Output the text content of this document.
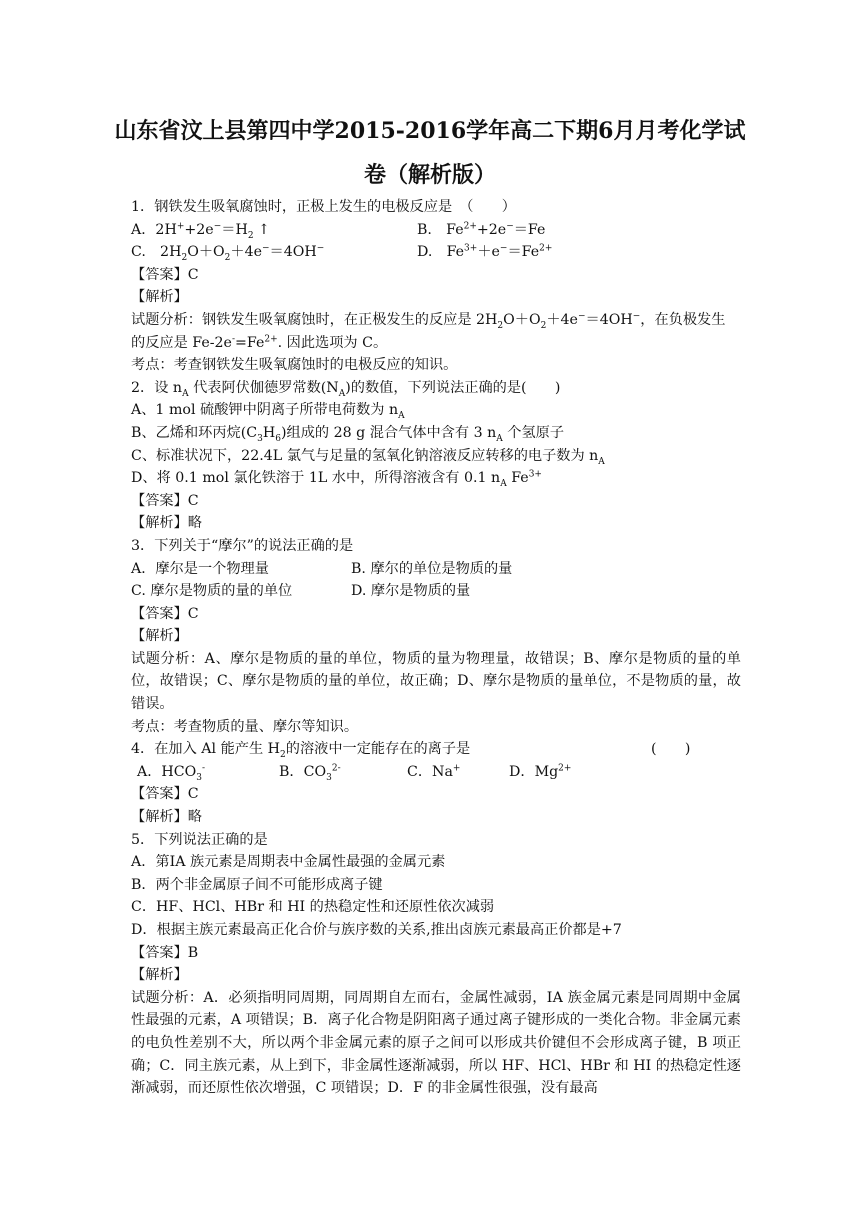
山东省汶上县第四中学2015-2016学年高二下期6月月考化学试
卷（解析版）
1．钢铁发生吸氧腐蚀时，正极上发生的电极反应是　（　　）
A．$2H^++2e^-=H_2$ ↑	B.　$Fe^{2+}+2e^-=Fe$
C.　$2H_2O+O_2+4e^-=4OH^-$	D.　$Fe^{3+}+e^-=Fe^{2+}$
【答案】C
【解析】
试题分析：钢铁发生吸氧腐蚀时，在正极发生的反应是 $2H_2O+O_2+4e^-=4OH^-$，在负极发生
的反应是 $Fe-2e^-=Fe^{2+}$. 因此选项为 C。
考点：考查钢铁发生吸氧腐蚀时的电极反应的知识。
2．设 $n_A$ 代表阿伏伽德罗常数$(N_A)$的数值，下列说法正确的是(　　)
A、1 mol 硫酸钾中阴离子所带电荷数为 $n_A$
B、乙烯和环丙烷$(C_3H_6)$组成的 28 g 混合气体中含有 3 $n_A$ 个氢原子
C、标准状况下，22.4L 氯气与足量的氢氧化钠溶液反应转移的电子数为 $n_A$
D、将 0.1 mol 氯化铁溶于 1L 水中，所得溶液含有 0.1 $n_A$ $Fe^{3+}$
【答案】C
【解析】略
3．下列关于“摩尔”的说法正确的是
A．摩尔是一个物理量	B. 摩尔的单位是物质的量
C. 摩尔是物质的量的单位	D. 摩尔是物质的量
【答案】C
【解析】
试题分析：A、摩尔是物质的量的单位，物质的量为物理量，故错误；B、摩尔是物质的量的单位，故错误；C、摩尔是物质的量的单位，故正确；D、摩尔是物质的量单位，不是物质的量，故错误。
考点：考查物质的量、摩尔等知识。
4．在加入 Al 能产生 $H_2$的溶液中一定能存在的离子是	(　　)
A．$HCO_3^-$	B．$CO_3^{2-}$	C．Na+	D．$Mg^{2+}$
【答案】C
【解析】略
5．下列说法正确的是
A．第ⅠA 族元素是周期表中金属性最强的金属元素
B．两个非金属原子间不可能形成离子键
C．HF、HCl、HBr 和 HI 的热稳定性和还原性依次减弱
D．根据主族元素最高正化合价与族序数的关系,推出卤族元素最高正价都是+7
【答案】B
【解析】
试题分析：A．必须指明同周期，同周期自左而右，金属性减弱，ⅠA 族金属元素是同周期中金属性最强的元素，A 项错误；B．离子化合物是阴阳离子通过离子键形成的一类化合物。非金属元素的电负性差别不大，所以两个非金属元素的原子之间可以形成共价键但不会形成离子键，B 项正确；C．同主族元素，从上到下，非金属性逐渐减弱，所以 HF、HCl、HBr 和 HI 的热稳定性逐渐减弱，而还原性依次增强，C 项错误；D．F 的非金属性很强，没有最高
